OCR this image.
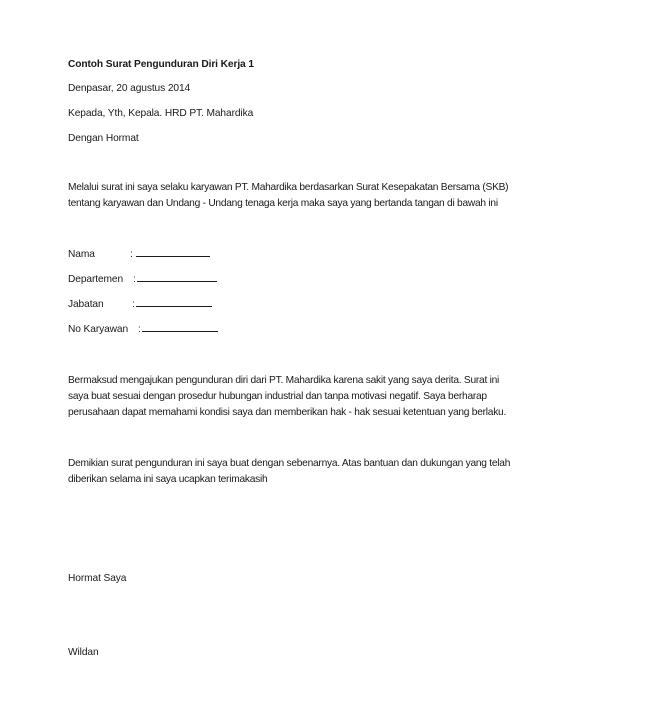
Contoh Surat Pengunduran Diri Kerja 1
Denpasar, 20 agustus 2014
Kepada, Yth, Kepala. HRD PT. Mahardika
Dengan Hormat
Melalui surat ini saya selaku karyawan PT. Mahardika berdasarkan Surat Kesepakatan Bersama (SKB)
tentang karyawan dan Undang - Undang tenaga kerja maka saya yang bertanda tangan di bawah ini
Nama	:
Departemen :
Jabatan	:
No Karyawan :
Bermaksud mengajukan pengunduran diri dari PT. Mahardika karena sakit yang saya derita. Surat ini
saya buat sesuai dengan prosedur hubungan industrial dan tanpa motivasi negatif. Saya berharap
perusahaan dapat memahami kondisi saya dan memberikan hak - hak sesuai ketentuan yang berlaku.
Demikian surat pengunduran ini saya buat dengan sebenarnya. Atas bantuan dan dukungan yang telah
diberikan selama ini saya ucapkan terimakasih
Hormat Saya
Wildan
